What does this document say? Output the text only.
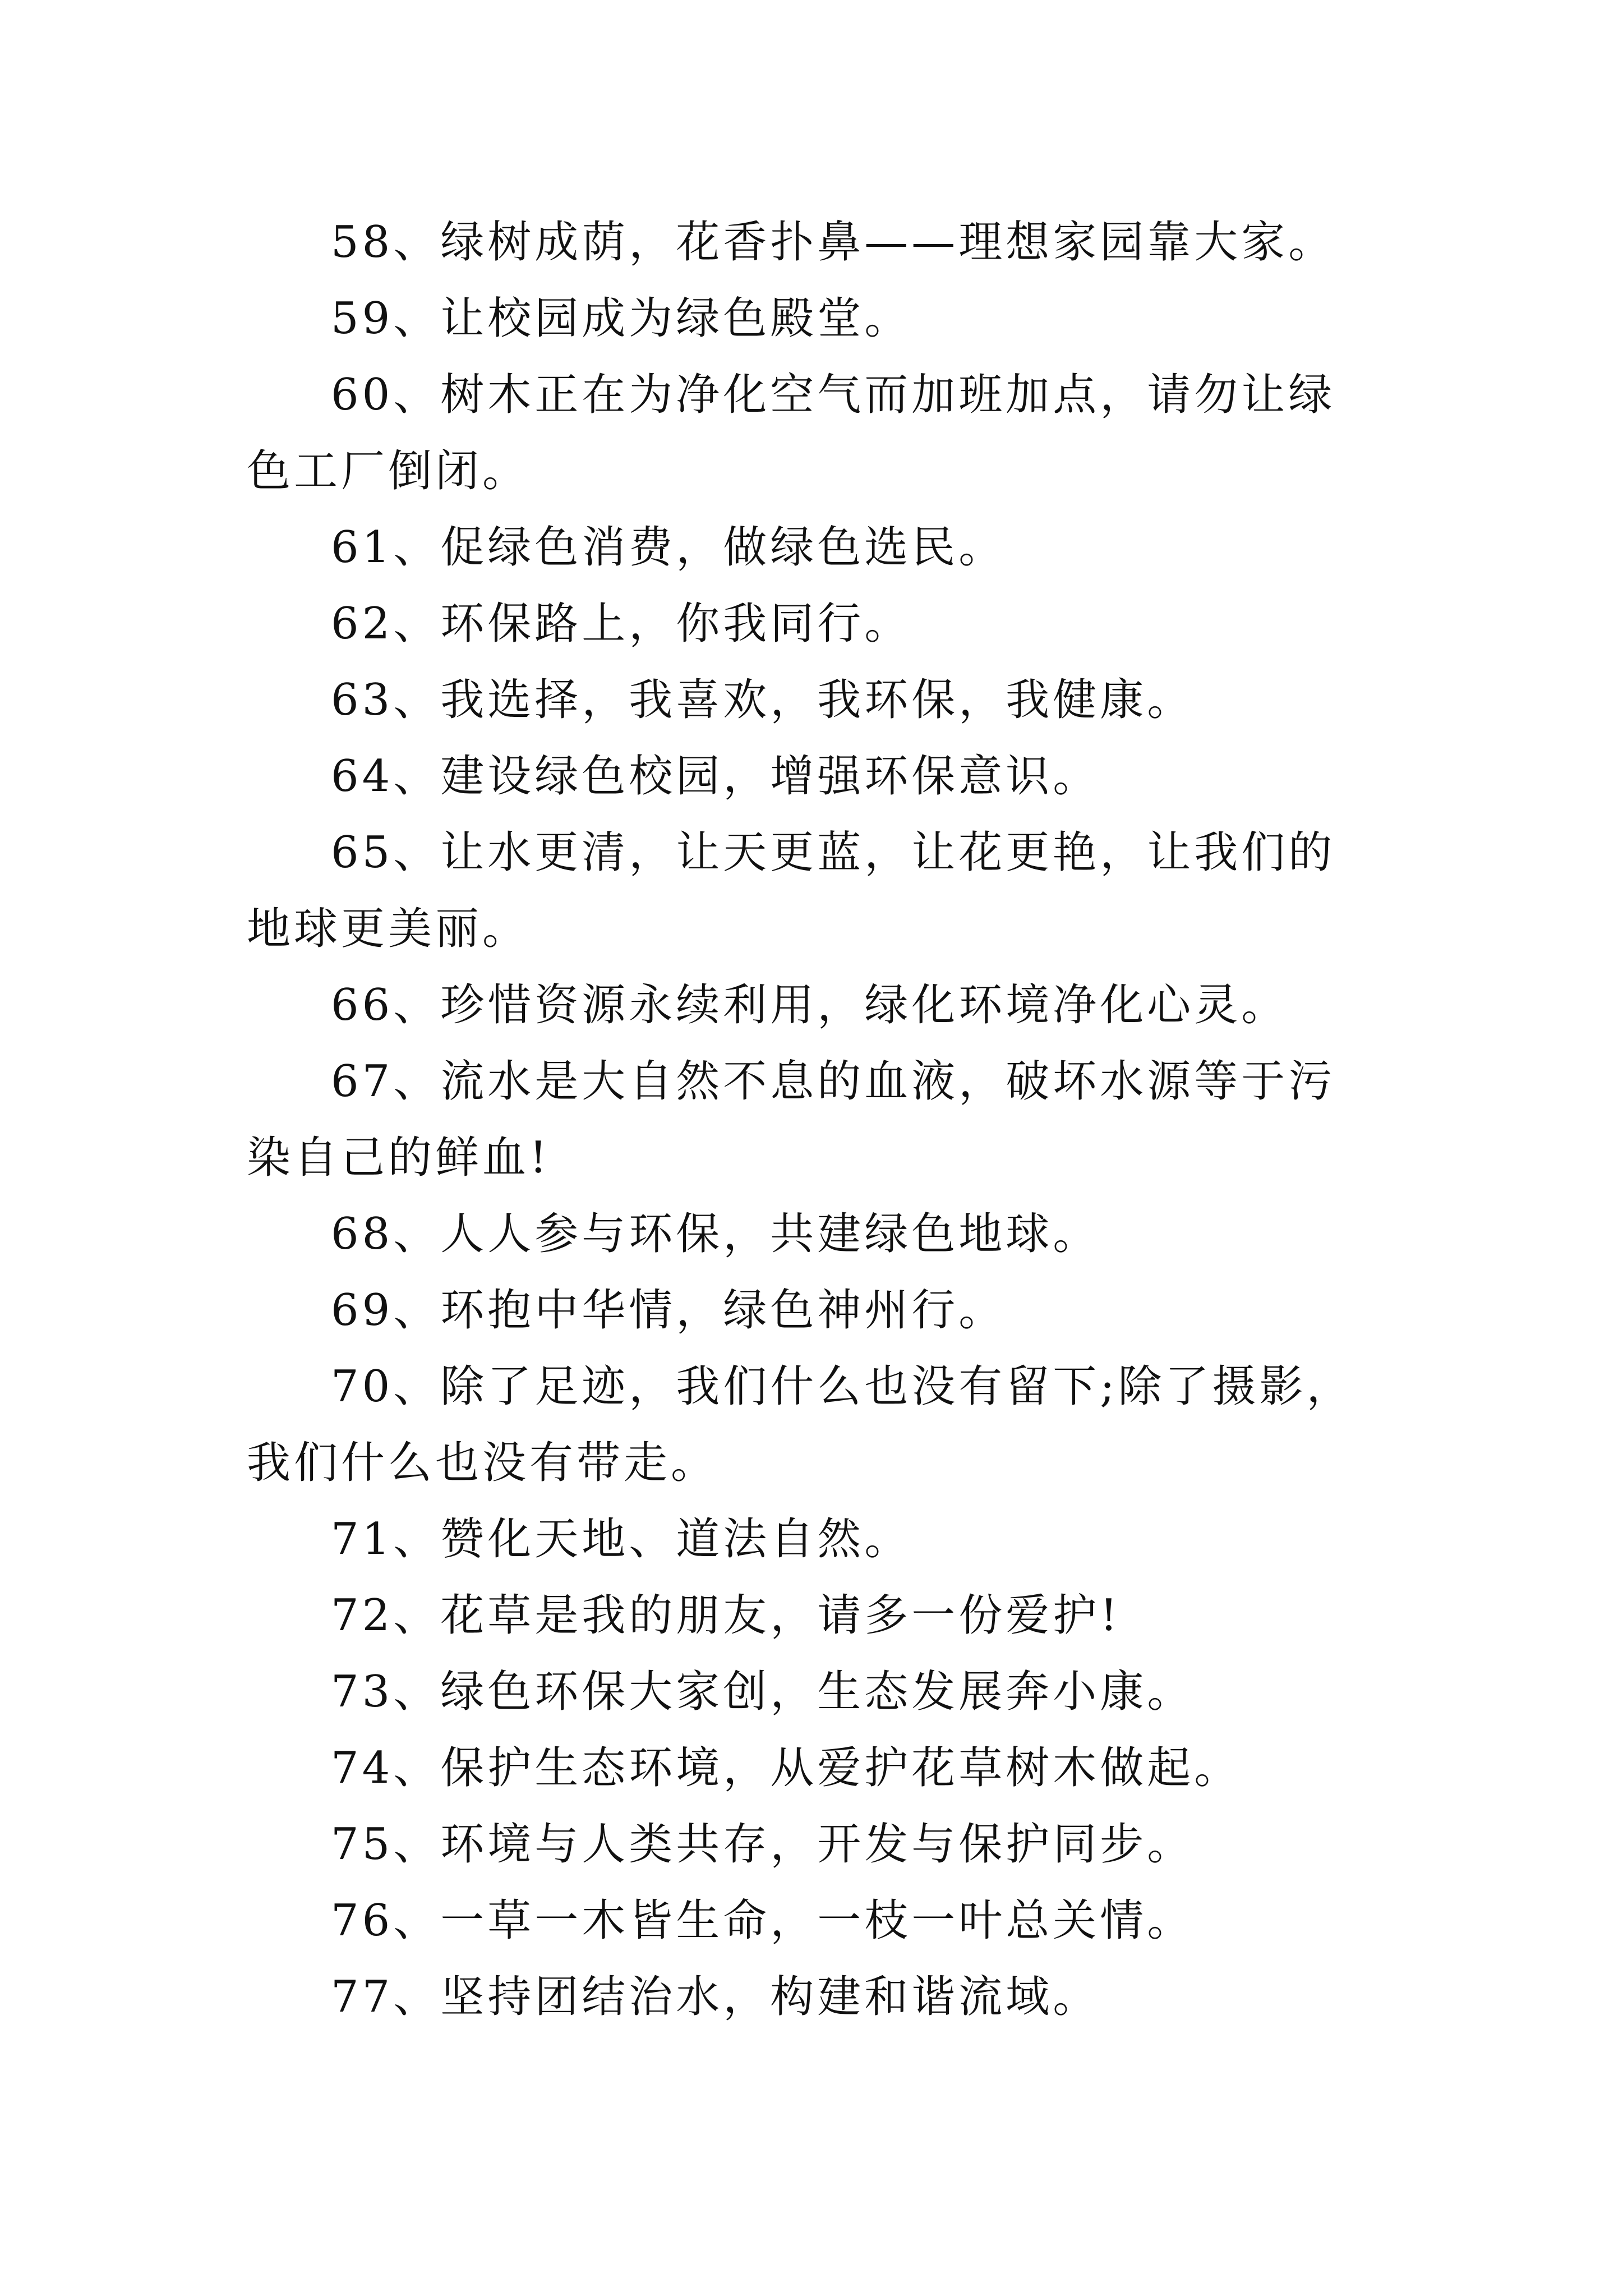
58、绿树成荫，花香扑鼻——理想家园靠大家。

59、让校园成为绿色殿堂。

60、树木正在为净化空气而加班加点，请勿让绿色工厂倒闭。

61、促绿色消费，做绿色选民。

62、环保路上，你我同行。

63、我选择，我喜欢，我环保，我健康。

64、建设绿色校园，增强环保意识。

65、让水更清，让天更蓝，让花更艳，让我们的地球更美丽。

66、珍惜资源永续利用，绿化环境净化心灵。

67、流水是大自然不息的血液，破坏水源等于污染自己的鲜血!

68、人人参与环保，共建绿色地球。

69、环抱中华情，绿色神州行。

70、除了足迹，我们什么也没有留下;除了摄影，我们什么也没有带走。

71、赞化天地、道法自然。

72、花草是我的朋友，请多一份爱护!

73、绿色环保大家创，生态发展奔小康。

74、保护生态环境，从爱护花草树木做起。

75、环境与人类共存，开发与保护同步。

76、一草一木皆生命，一枝一叶总关情。

77、坚持团结治水，构建和谐流域。
